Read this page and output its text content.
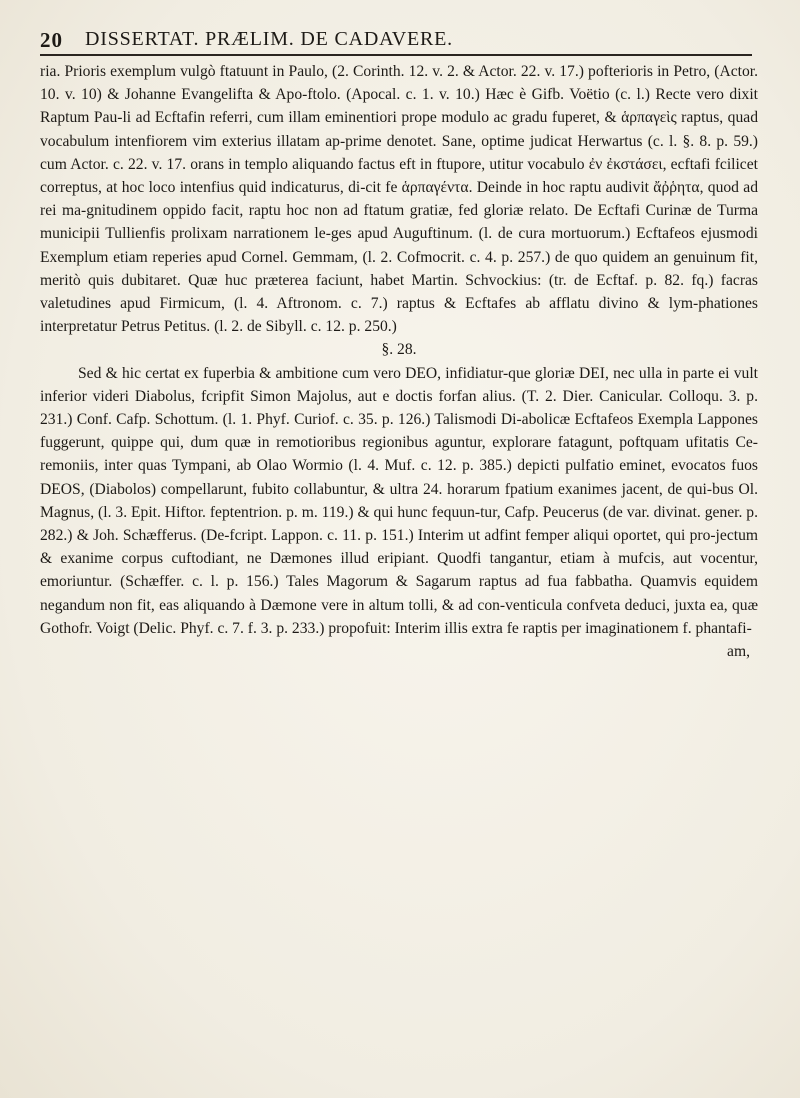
20 DISSERTAT. PRÆLIM. DE CADAVERE.

ria. Prioris exemplum vulgò ftatuunt in Paulo, (2. Corinth. 12. v. 2. & Actor. 22. v. 17.) pofterioris in Petro, (Actor. 10. v. 10) & Johanne Evangelifta & Apo-ftolo. (Apocal. c. 1. v. 10.) Hæc è Gifb. Voëtio (c. l.) Recte vero dixit Raptum Pau-li ad Ecftafin referri, cum illam eminentiori prope modulo ac gradu fuperet, & ἁρπαγεὶς raptus, quad vocabulum intenfiorem vim exterius illatam ap-prime denotet. Sane, optime judicat Herwartus (c. l. §. 8. p. 59.) cum Actor. c. 22. v. 17. orans in templo aliquando factus eft in ftupore, utitur vocabulo ἐν ἐκστάσει, ecftafi fcilicet correptus, at hoc loco intenfius quid indicaturus, di-cit fe ἁρπαγέντα. Deinde in hoc raptu audivit ἄῤῥητα, quod ad rei ma-gnitudinem oppido facit, raptu hoc non ad ftatum gratiæ, fed gloriæ relato. De Ecftafi Curinæ de Turma municipii Tullienfis prolixam narrationem le-ges apud Auguftinum. (l. de cura mortuorum.) Ecftafeos ejusmodi Exemplum etiam reperies apud Cornel. Gemmam, (l. 2. Cofmocrit. c. 4. p. 257.) de quo quidem an genuinum fit, meritò quis dubitaret. Quæ huc præterea faciunt, habet Martin. Schvockius: (tr. de Ecftaf. p. 82. fq.) facras valetudines apud Firmicum, (l. 4. Aftronom. c. 7.) raptus & Ecftafes ab afflatu divino & lym-phationes interpretatur Petrus Petitus. (l. 2. de Sibyll. c. 12. p. 250.)

§. 28.

Sed & hic certat ex fuperbia & ambitione cum vero DEO, infidiatur-que gloriæ DEI, nec ulla in parte ei vult inferior videri Diabolus, fcripfit Simon Majolus, aut e doctis forfan alius. (T. 2. Dier. Canicular. Colloqu. 3. p. 231.) Conf. Cafp. Schottum. (l. 1. Phyf. Curiof. c. 35. p. 126.) Talismodi Di-abolicæ Ecftafeos Exempla Lappones fuggerunt, quippe qui, dum quæ in remotioribus regionibus aguntur, explorare fatagunt, poftquam ufitatis Ce-remoniis, inter quas Tympani, ab Olao Wormio (l. 4. Muf. c. 12. p. 385.) depicti pulfatio eminet, evocatos fuos DEOS, (Diabolos) compellarunt, fubito collabuntur, & ultra 24. horarum fpatium exanimes jacent, de qui-bus Ol. Magnus, (l. 3. Epit. Hiftor. feptentrion. p. m. 119.) & qui hunc fequun-tur, Cafp. Peucerus (de var. divinat. gener. p. 282.) & Joh. Schæfferus. (De-fcript. Lappon. c. 11. p. 151.) Interim ut adfint femper aliqui oportet, qui pro-jectum & exanime corpus cuftodiant, ne Dæmones illud eripiant. Quodfi tangantur, etiam à mufcis, aut vocentur, emoriuntur. (Schæffer. c. l. p. 156.) Tales Magorum & Sagarum raptus ad fua fabbatha. Quamvis equidem negandum non fit, eas aliquando à Dæmone vere in altum tolli, & ad con-venticula confveta deduci, juxta ea, quæ Gothofr. Voigt (Delic. Phyf. c. 7. f. 3. p. 233.) propofuit: Interim illis extra fe raptis per imaginationem f. phantafi-

am,
